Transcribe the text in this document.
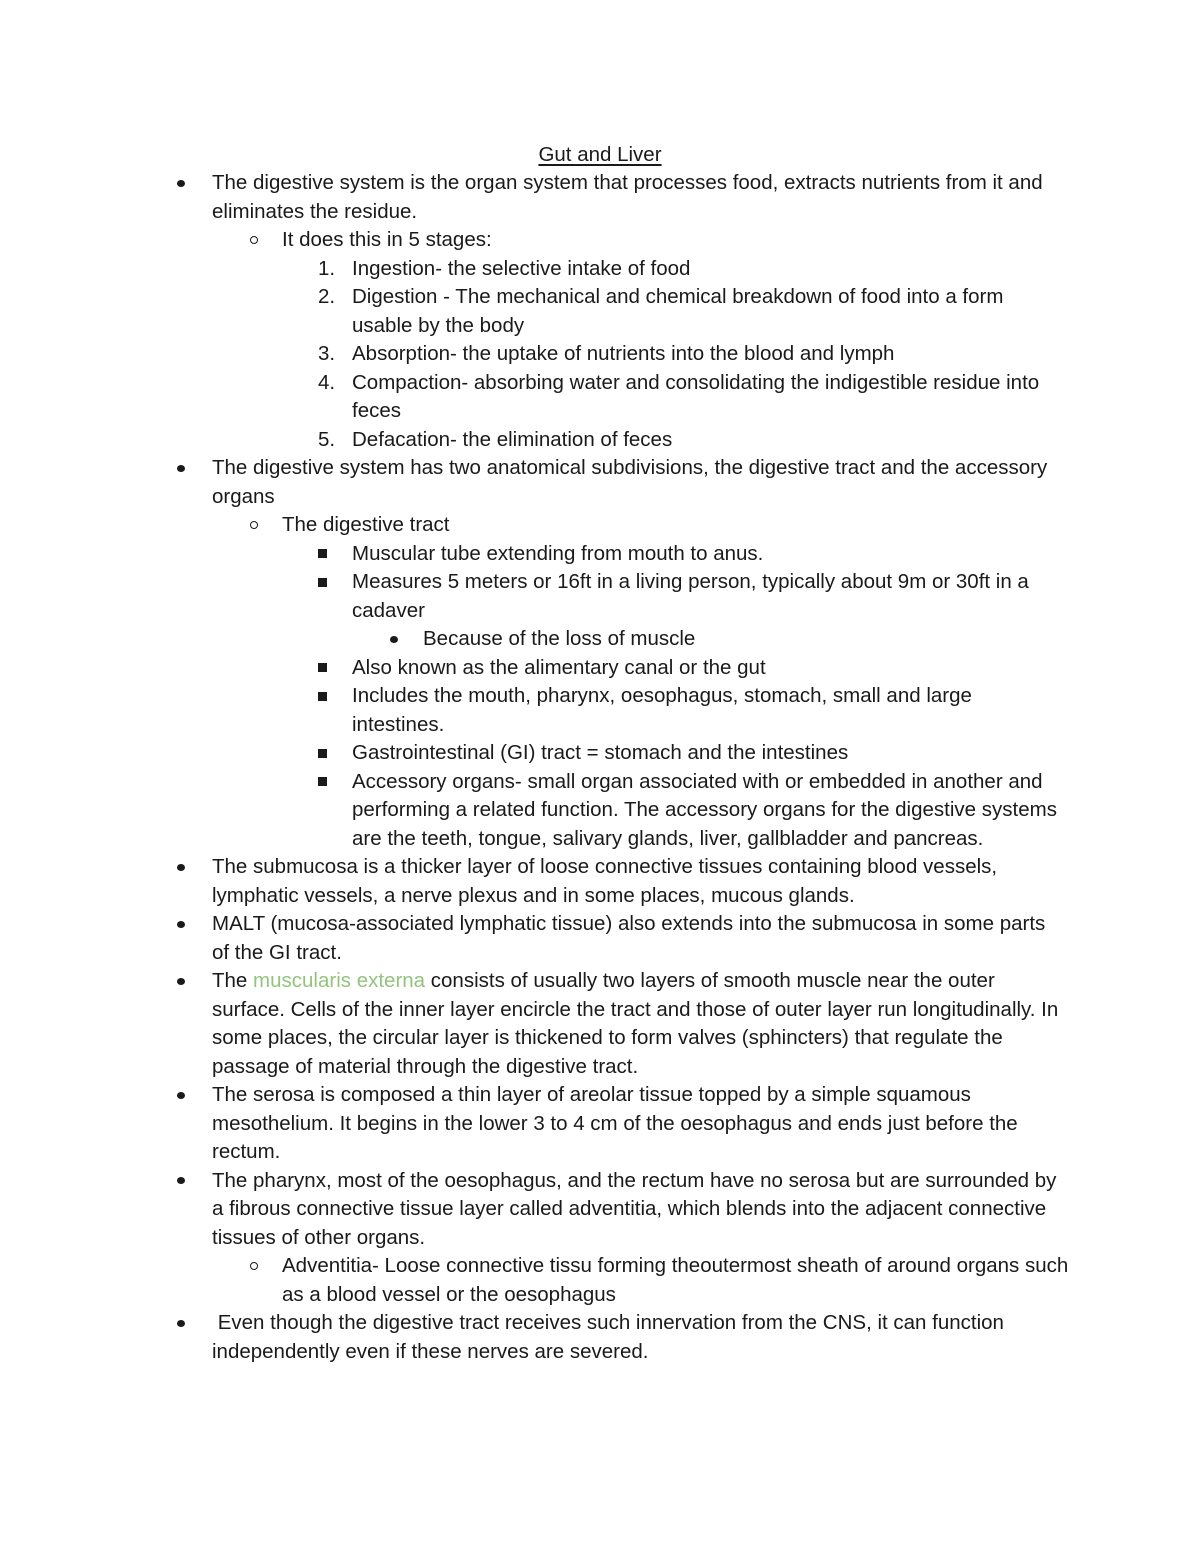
Gut and Liver
The digestive system is the organ system that processes food, extracts nutrients from it and eliminates the residue.
It does this in 5 stages:
1. Ingestion- the selective intake of food
2. Digestion - The mechanical and chemical breakdown of food into a form usable by the body
3. Absorption- the uptake of nutrients into the blood and lymph
4. Compaction- absorbing water and consolidating the indigestible residue into feces
5. Defacation- the elimination of feces
The digestive system has two anatomical subdivisions, the digestive tract and the accessory organs
The digestive tract
Muscular tube extending from mouth to anus.
Measures 5 meters or 16ft in a living person, typically about 9m or 30ft in a cadaver
Because of the loss of muscle
Also known as the alimentary canal or the gut
Includes the mouth, pharynx, oesophagus, stomach, small and large intestines.
Gastrointestinal (GI) tract = stomach and the intestines
Accessory organs- small organ associated with or embedded in another and performing a related function. The accessory organs for the digestive systems are the teeth, tongue, salivary glands, liver, gallbladder and pancreas.
The submucosa is a thicker layer of loose connective tissues containing blood vessels, lymphatic vessels, a nerve plexus and in some places, mucous glands.
MALT (mucosa-associated lymphatic tissue) also extends into the submucosa in some parts of the GI tract.
The muscularis externa consists of usually two layers of smooth muscle near the outer surface. Cells of the inner layer encircle the tract and those of outer layer run longitudinally. In some places, the circular layer is thickened to form valves (sphincters) that regulate the passage of material through the digestive tract.
The serosa is composed a thin layer of areolar tissue topped by a simple squamous mesothelium. It begins in the lower 3 to 4 cm of the oesophagus and ends just before the rectum.
The pharynx, most of the oesophagus, and the rectum have no serosa but are surrounded by a fibrous connective tissue layer called adventitia, which blends into the adjacent connective tissues of other organs.
Adventitia- Loose connective tissu forming theoutermost sheath of around organs such as a blood vessel or the oesophagus
Even though the digestive tract receives such innervation from the CNS, it can function independently even if these nerves are severed.
